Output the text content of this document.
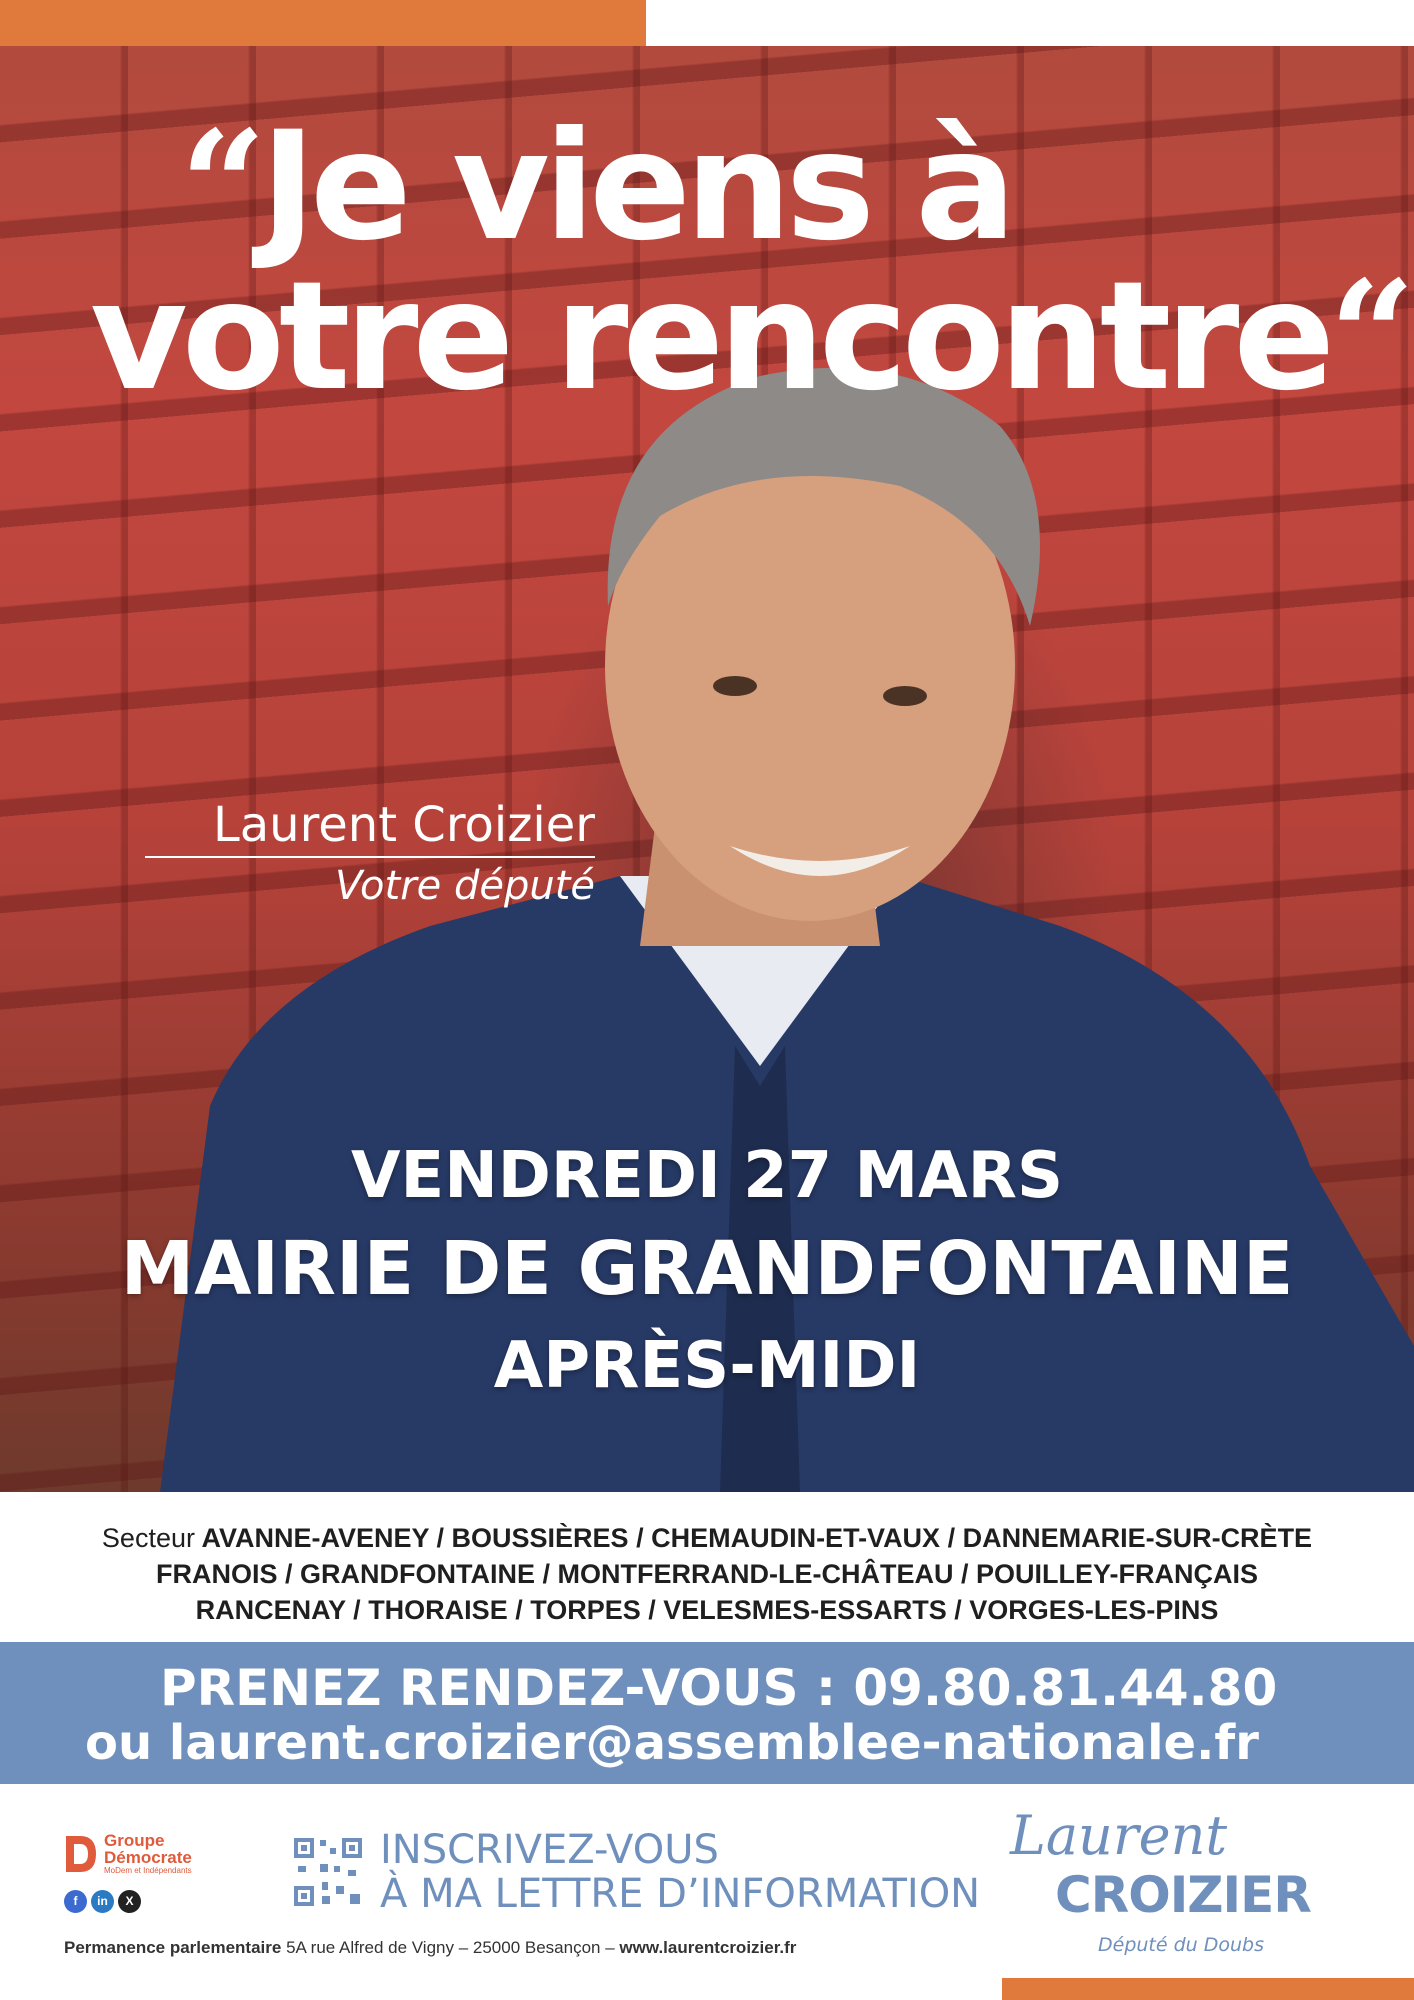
“Je viens à
votre rencontre“
Laurent Croizier
Votre député
VENDREDI 27 MARS
MAIRIE DE GRANDFONTAINE
APRÈS-MIDI
Secteur AVANNE-AVENEY / BOUSSIÈRES / CHEMAUDIN-ET-VAUX / DANNEMARIE-SUR-CRÈTE
FRANOIS / GRANDFONTAINE / MONTFERRAND-LE-CHÂTEAU / POUILLEY-FRANÇAIS
RANCENAY / THORAISE / TORPES / VELESMES-ESSARTS / VORGES-LES-PINS
PRENEZ RENDEZ-VOUS : 09.80.81.44.80
ou laurent.croizier@assemblee-nationale.fr
Groupe
Démocrate
MoDem et Indépendants
f in X
INSCRIVEZ-VOUS
À MA LETTRE D’INFORMATION
Laurent
CROIZIER
Député du Doubs
Permanence parlementaire 5A rue Alfred de Vigny – 25000 Besançon – www.laurentcroizier.fr
